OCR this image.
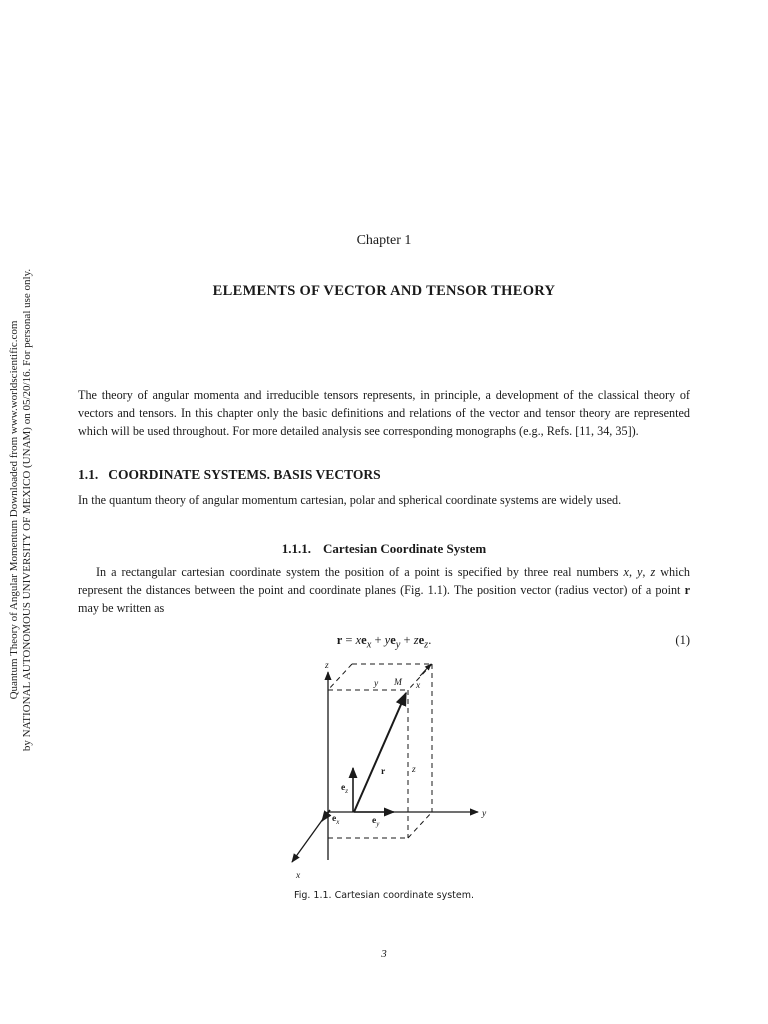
Quantum Theory of Angular Momentum Downloaded from www.worldscientific.com by NATIONAL AUTONOMOUS UNIVERSITY OF MEXICO (UNAM) on 05/20/16. For personal use only.
Chapter 1
ELEMENTS OF VECTOR AND TENSOR THEORY
The theory of angular momenta and irreducible tensors represents, in principle, a development of the classical theory of vectors and tensors. In this chapter only the basic definitions and relations of the vector and tensor theory are represented which will be used throughout. For more detailed analysis see corresponding monographs (e.g., Refs. [11, 34, 35]).
1.1. COORDINATE SYSTEMS. BASIS VECTORS
In the quantum theory of angular momentum cartesian, polar and spherical coordinate systems are widely used.
1.1.1. Cartesian Coordinate System
In a rectangular cartesian coordinate system the position of a point is specified by three real numbers x, y, z which represent the distances between the point and coordinate planes (Fig. 1.1). The position vector (radius vector) of a point r may be written as
$r = xe_x + ye_y + ze_z$.	(1)
z
y
x
y M x
z
r
$e_z$
$e_x$	$e_y$
Fig. 1.1. Cartesian coordinate system.
3
